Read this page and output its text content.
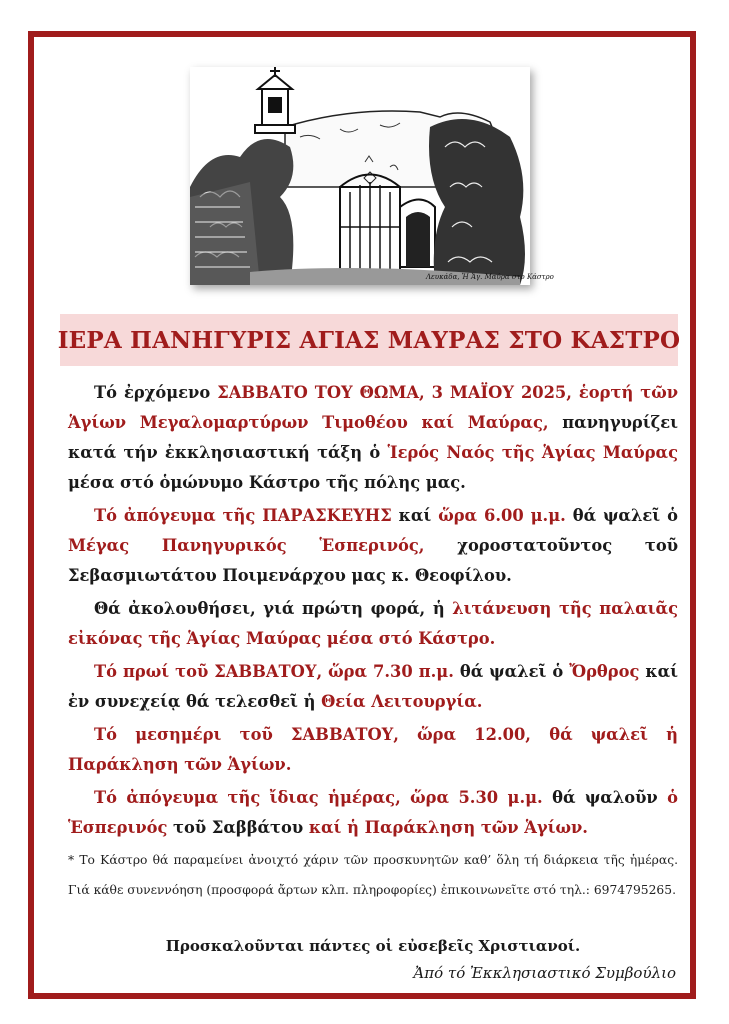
Λευκάδα, Ἡ Ἁγ. Μαύρα στο Κάστρο
ΙΕΡΑ ΠΑΝΗΓΥΡΙΣ ΑΓΙΑΣ ΜΑΥΡΑΣ ΣΤΟ ΚΑΣΤΡΟ

Τό ἐρχόμενο ΣΑΒΒΑΤΟ ΤΟΥ ΘΩΜΑ, 3 ΜΑΪΟΥ 2025, ἑορτή τῶν Ἁγίων Μεγαλομαρτύρων Τιμοθέου καί Μαύρας, πανηγυρίζει κατά τήν ἐκκλησιαστική τάξη ὁ Ἱερός Ναός τῆς Ἁγίας Μαύρας μέσα στό ὁμώνυμο Κάστρο τῆς πόλης μας.

Τό ἀπόγευμα τῆς ΠΑΡΑΣΚΕΥΗΣ καί ὥρα 6.00 μ.μ. θά ψαλεῖ ὁ Μέγας Πανηγυρικός Ἑσπερινός, χοροστατοῦντος τοῦ Σεβασμιωτάτου Ποιμενάρχου μας κ. Θεοφίλου.

Θά ἀκολουθήσει, γιά πρώτη φορά, ἡ λιτάνευση τῆς παλαιᾶς εἰκόνας τῆς Ἁγίας Μαύρας μέσα στό Κάστρο.

Τό πρωί τοῦ ΣΑΒΒΑΤΟΥ, ὥρα 7.30 π.μ. θά ψαλεῖ ὁ Ὄρθρος καί ἐν συνεχείᾳ θά τελεσθεῖ ἡ Θεία Λειτουργία.

Τό μεσημέρι τοῦ ΣΑΒΒΑΤΟΥ, ὥρα 12.00, θά ψαλεῖ ἡ Παράκληση τῶν Ἁγίων.

Τό ἀπόγευμα τῆς ἴδιας ἡμέρας, ὥρα 5.30 μ.μ. θά ψαλοῦν ὁ Ἑσπερινός τοῦ Σαββάτου καί ἡ Παράκληση τῶν Ἁγίων.

* Το Κάστρο θά παραμείνει ἀνοιχτό χάριν τῶν προσκυνητῶν καθ’ ὅλη τή διάρκεια τῆς ἡμέρας. Γιά κάθε συνεννόηση (προσφορά ἄρτων κλπ. πληροφορίες) ἐπικοινωνεῖτε στό τηλ.: 6974795265.

Προσκαλοῦνται πάντες οἱ εὐσεβεῖς Χριστιανοί.
Ἀπό τό Ἐκκλησιαστικό Συμβούλιο
